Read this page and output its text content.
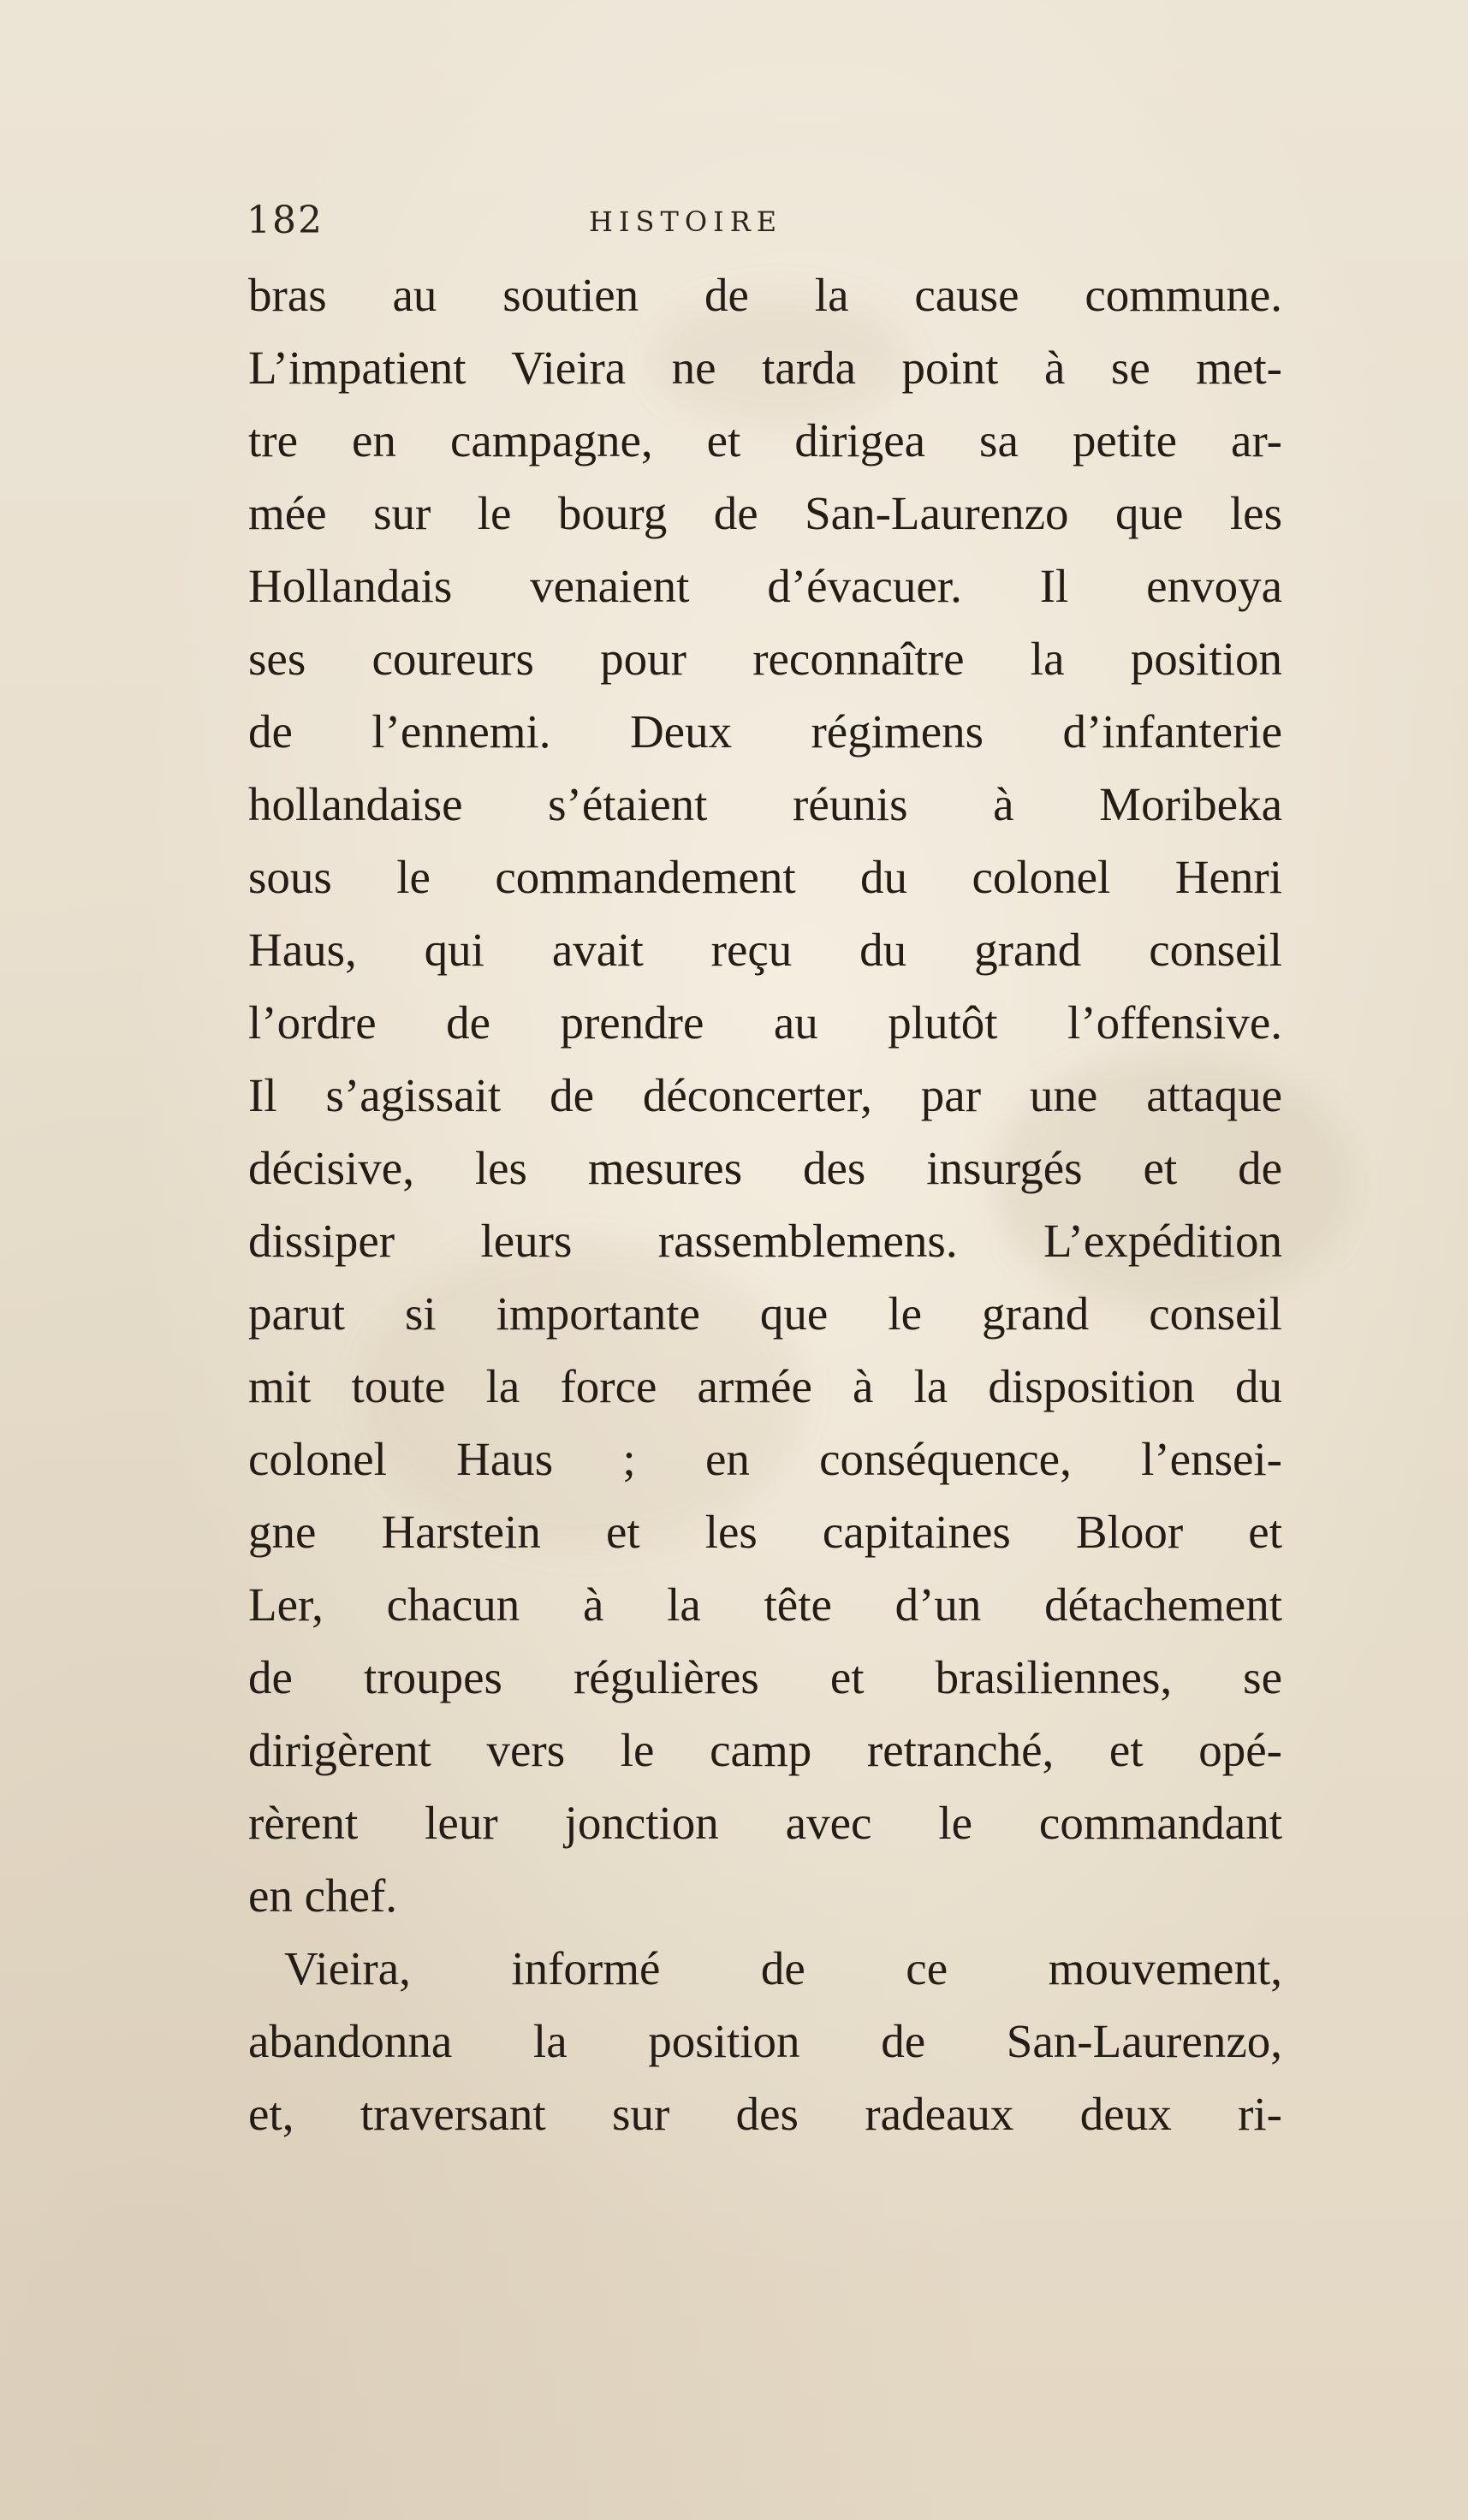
182	HISTOIRE
bras au soutien de la cause commune.
L’impatient Vieira ne tarda point à se met-
tre en campagne, et dirigea sa petite ar-
mée sur le bourg de San-Laurenzo que les
Hollandais venaient d’évacuer. Il envoya
ses coureurs pour reconnaître la position
de l’ennemi. Deux régimens d’infanterie
hollandaise s’étaient réunis à Moribeka
sous le commandement du colonel Henri
Haus, qui avait reçu du grand conseil
l’ordre de prendre au plutôt l’offensive.
Il s’agissait de déconcerter, par une attaque
décisive, les mesures des insurgés et de
dissiper leurs rassemblemens. L’expédition
parut si importante que le grand conseil
mit toute la force armée à la disposition du
colonel Haus ; en conséquence, l’ensei-
gne Harstein et les capitaines Bloor et
Ler, chacun à la tête d’un détachement
de troupes régulières et brasiliennes, se
dirigèrent vers le camp retranché, et opé-
rèrent leur jonction avec le commandant
en chef.
Vieira, informé de ce mouvement,
abandonna la position de San-Laurenzo,
et, traversant sur des radeaux deux ri-
